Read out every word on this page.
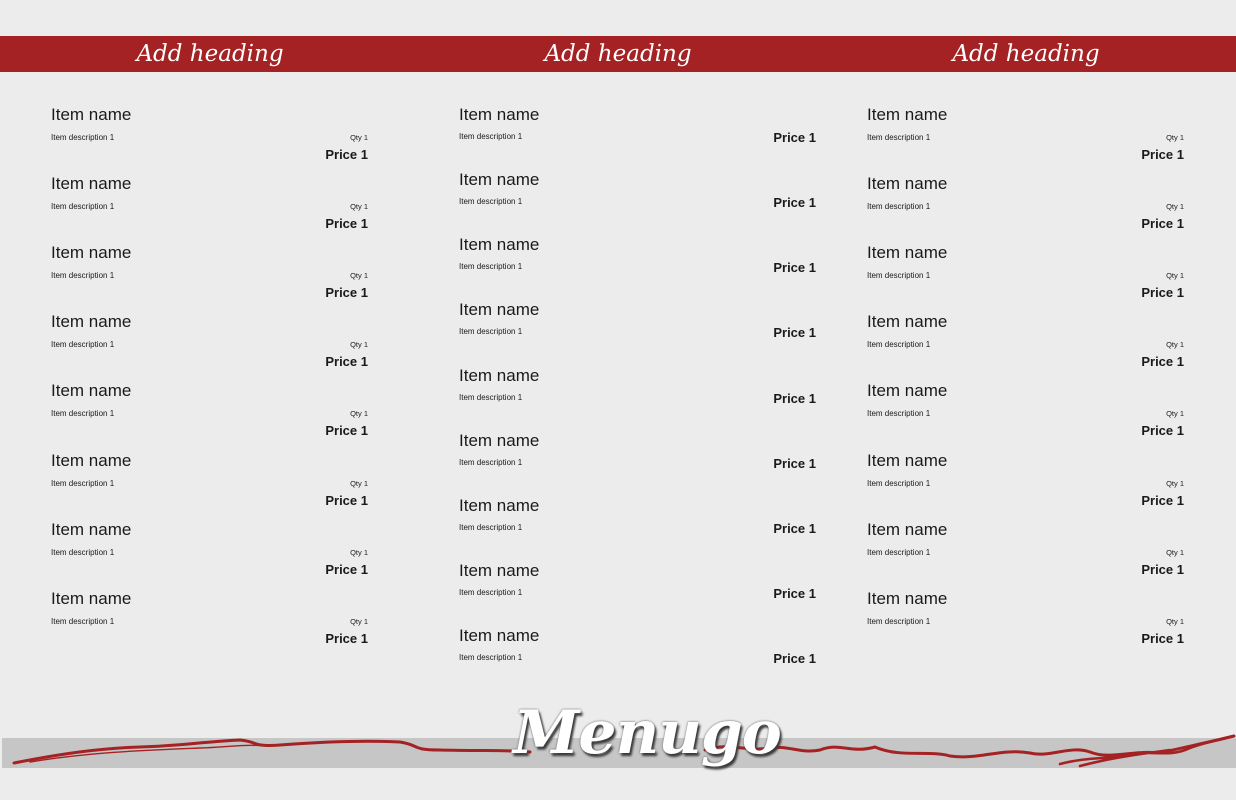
Add heading	Add heading	Add heading
Item name
Item description 1	Qty 1
Price 1
Item name
Item description 1	Qty 1
Price 1
Item name
Item description 1	Qty 1
Price 1
Item name
Item description 1	Qty 1
Price 1
Item name
Item description 1	Qty 1
Price 1
Item name
Item description 1	Qty 1
Price 1
Item name
Item description 1	Qty 1
Price 1
Item name
Item description 1	Qty 1
Price 1
Item name
Item description 1	Price 1
Item name
Item description 1	Price 1
Item name
Item description 1	Price 1
Item name
Item description 1	Price 1
Item name
Item description 1	Price 1
Item name
Item description 1	Price 1
Item name
Item description 1	Price 1
Item name
Item description 1	Price 1
Item name
Item description 1	Price 1
Item name
Item description 1	Qty 1
Price 1
Item name
Item description 1	Qty 1
Price 1
Item name
Item description 1	Qty 1
Price 1
Item name
Item description 1	Qty 1
Price 1
Item name
Item description 1	Qty 1
Price 1
Item name
Item description 1	Qty 1
Price 1
Item name
Item description 1	Qty 1
Price 1
Item name
Item description 1	Qty 1
Price 1
Menugo
